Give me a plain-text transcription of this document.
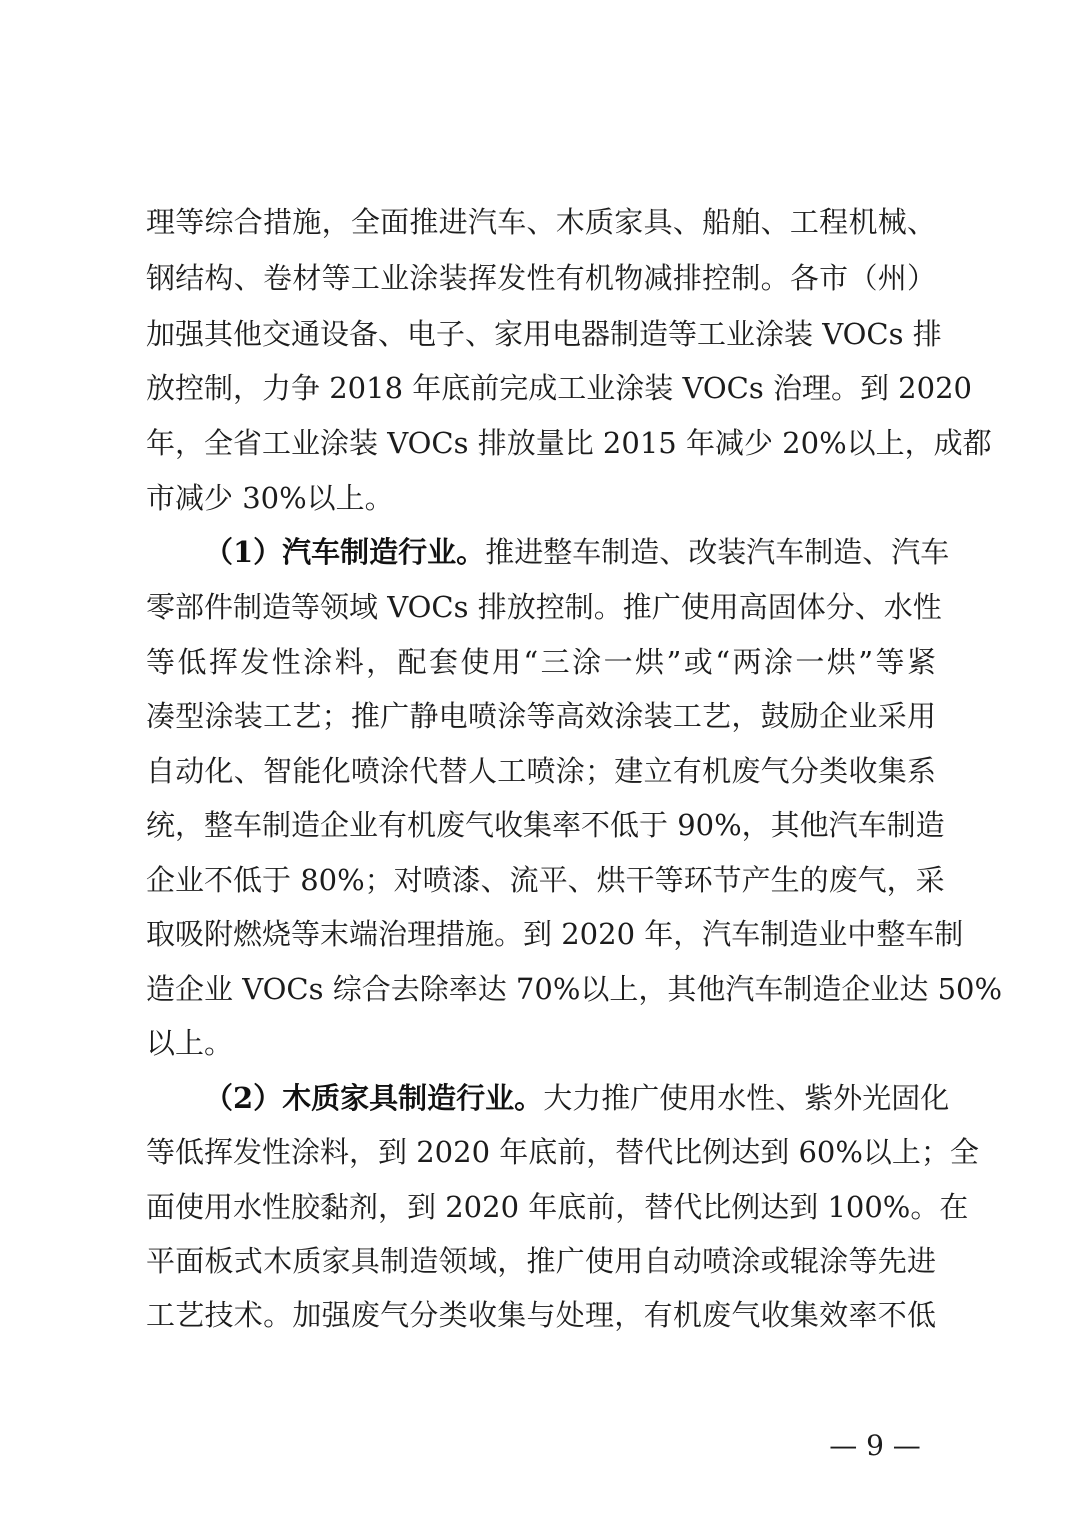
理等综合措施，全面推进汽车、木质家具、船舶、工程机械、
钢结构、卷材等工业涂装挥发性有机物减排控制。各市（州）
加强其他交通设备、电子、家用电器制造等工业涂装 VOCs 排
放控制，力争 2018 年底前完成工业涂装 VOCs 治理。到 2020
年，全省工业涂装 VOCs 排放量比 2015 年减少 20%以上，成都
市减少 30%以上。
（1）汽车制造行业。推进整车制造、改装汽车制造、汽车
零部件制造等领域 VOCs 排放控制。推广使用高固体分、水性
等低挥发性涂料，配套使用“三涂一烘”或“两涂一烘”等紧
凑型涂装工艺；推广静电喷涂等高效涂装工艺，鼓励企业采用
自动化、智能化喷涂代替人工喷涂；建立有机废气分类收集系
统，整车制造企业有机废气收集率不低于 90%，其他汽车制造
企业不低于 80%；对喷漆、流平、烘干等环节产生的废气，采
取吸附燃烧等末端治理措施。到 2020 年，汽车制造业中整车制
造企业 VOCs 综合去除率达 70%以上，其他汽车制造企业达 50%
以上。
（2）木质家具制造行业。大力推广使用水性、紫外光固化
等低挥发性涂料，到 2020 年底前，替代比例达到 60%以上；全
面使用水性胶黏剂，到 2020 年底前，替代比例达到 100%。在
平面板式木质家具制造领域，推广使用自动喷涂或辊涂等先进
工艺技术。加强废气分类收集与处理，有机废气收集效率不低
— 9 —
